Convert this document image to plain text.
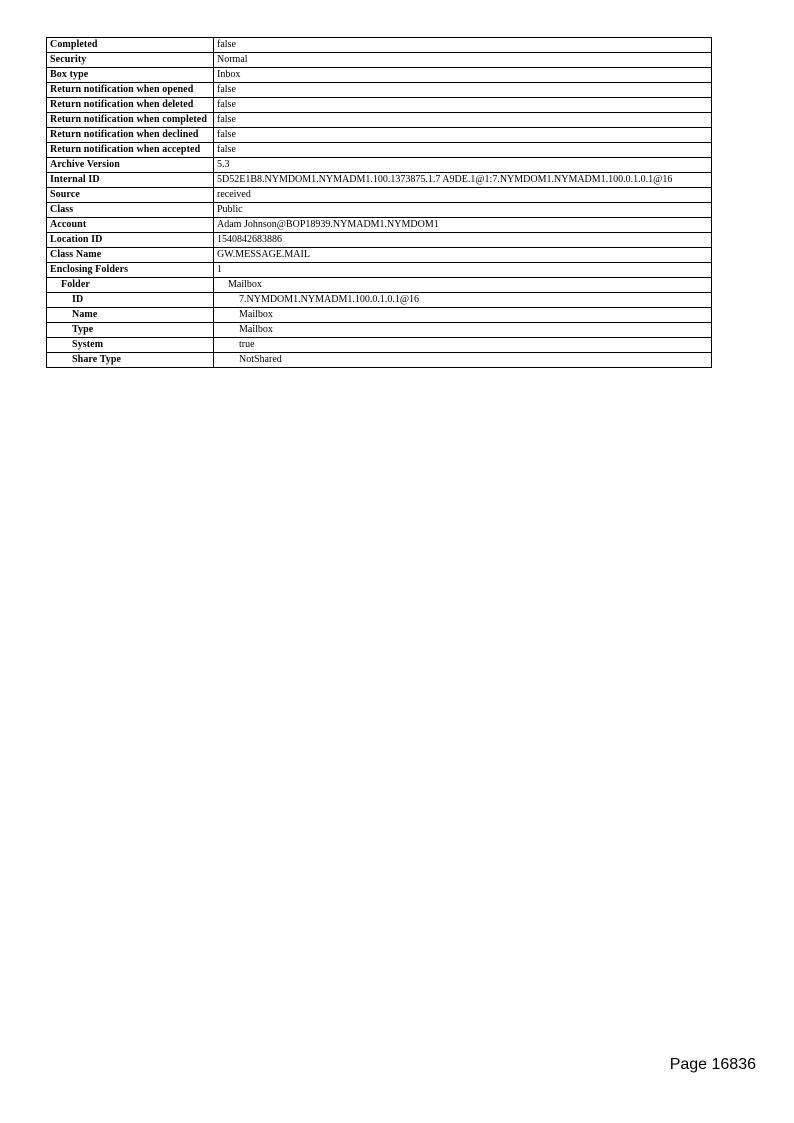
Completed	false
Security	Normal
Box type	Inbox
Return notification when opened	false
Return notification when deleted	false
Return notification when completed	false
Return notification when declined	false
Return notification when accepted	false
Archive Version	5.3
Internal ID	5D52E1B8.NYMDOM1.NYMADM1.100.1373875.1.7 A9DE.1@1:7.NYMDOM1.NYMADM1.100.0.1.0.1@16
Source	received
Class	Public
Account	Adam Johnson@BOP18939.NYMADM1.NYMDOM1
Location ID	1540842683886
Class Name	GW.MESSAGE.MAIL
Enclosing Folders	1
Folder	Mailbox
ID	7.NYMDOM1.NYMADM1.100.0.1.0.1@16
Name	Mailbox
Type	Mailbox
System	true
Share Type	NotShared
Page 16836
